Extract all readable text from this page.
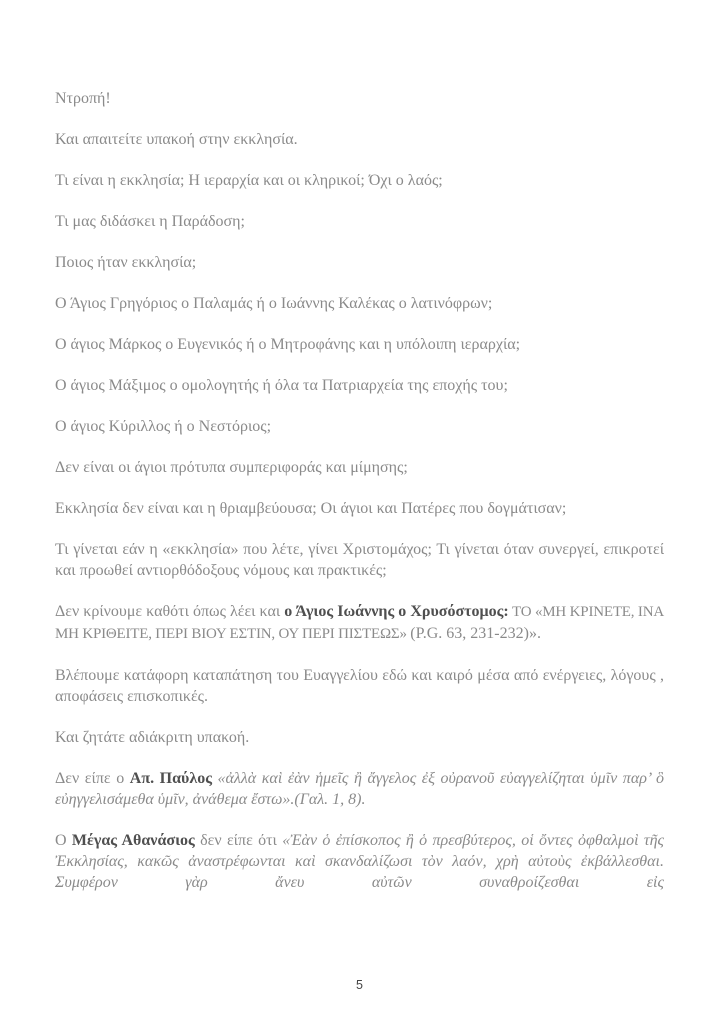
Ντροπή!

Και απαιτείτε υπακοή στην εκκλησία.

Τι είναι η εκκλησία; Η ιεραρχία και οι κληρικοί; Όχι ο λαός;

Τι μας διδάσκει η Παράδοση;

Ποιος ήταν εκκλησία;

Ο Άγιος Γρηγόριος ο Παλαμάς ή ο Ιωάννης Καλέκας ο λατινόφρων;

Ο άγιος Μάρκος ο Ευγενικός ή ο Μητροφάνης και η υπόλοιπη ιεραρχία;

Ο άγιος Μάξιμος ο ομολογητής ή όλα τα Πατριαρχεία της εποχής του;

Ο άγιος Κύριλλος ή ο Νεστόριος;

Δεν είναι οι άγιοι πρότυπα συμπεριφοράς και μίμησης;

Εκκλησία δεν είναι και η θριαμβεύουσα; Οι άγιοι και Πατέρες που δογμάτισαν;

Τι γίνεται εάν η «εκκλησία» που λέτε, γίνει Χριστομάχος; Τι γίνεται όταν συνεργεί, επικροτεί και προωθεί αντιορθόδοξους νόμους και πρακτικές;

Δεν κρίνουμε καθότι όπως λέει και ο Άγιος Ιωάννης ο Χρυσόστομος: ΤΟ «ΜΗ ΚΡΙΝΕΤΕ, ΙΝΑ ΜΗ ΚΡΙΘΕΙΤΕ, ΠΕΡΙ ΒΙΟΥ ΕΣΤΙΝ, ΟΥ ΠΕΡΙ ΠΙΣΤΕΩΣ» (P.G. 63, 231-232)».

Βλέπουμε κατάφορη καταπάτηση του Ευαγγελίου εδώ και καιρό μέσα από ενέργειες, λόγους , αποφάσεις επισκοπικές.

Και ζητάτε αδιάκριτη υπακοή.

Δεν είπε ο Απ. Παύλος «ἀλλὰ καὶ ἐὰν ἡμεῖς ἢ ἄγγελος ἐξ οὐρανοῦ εὐαγγελίζηται ὑμῖν παρ’ ὃ εὐηγγελισάμεθα ὑμῖν, ἀνάθεμα ἔστω».(Γαλ. 1, 8).

Ο Μέγας Αθανάσιος δεν είπε ότι «Ἐὰν ὁ ἐπίσκοπος ἢ ὁ πρεσβύτερος, οἱ ὄντες ὀφθαλμοὶ τῆς Ἐκκλησίας, κακῶς ἀναστρέφωνται καὶ σκανδαλίζωσι τὸν λαόν, χρὴ αὐτοὺς ἐκβάλλεσθαι. Συμφέρον γὰρ ἄνευ αὐτῶν συναθροίζεσθαι εἰς

5
